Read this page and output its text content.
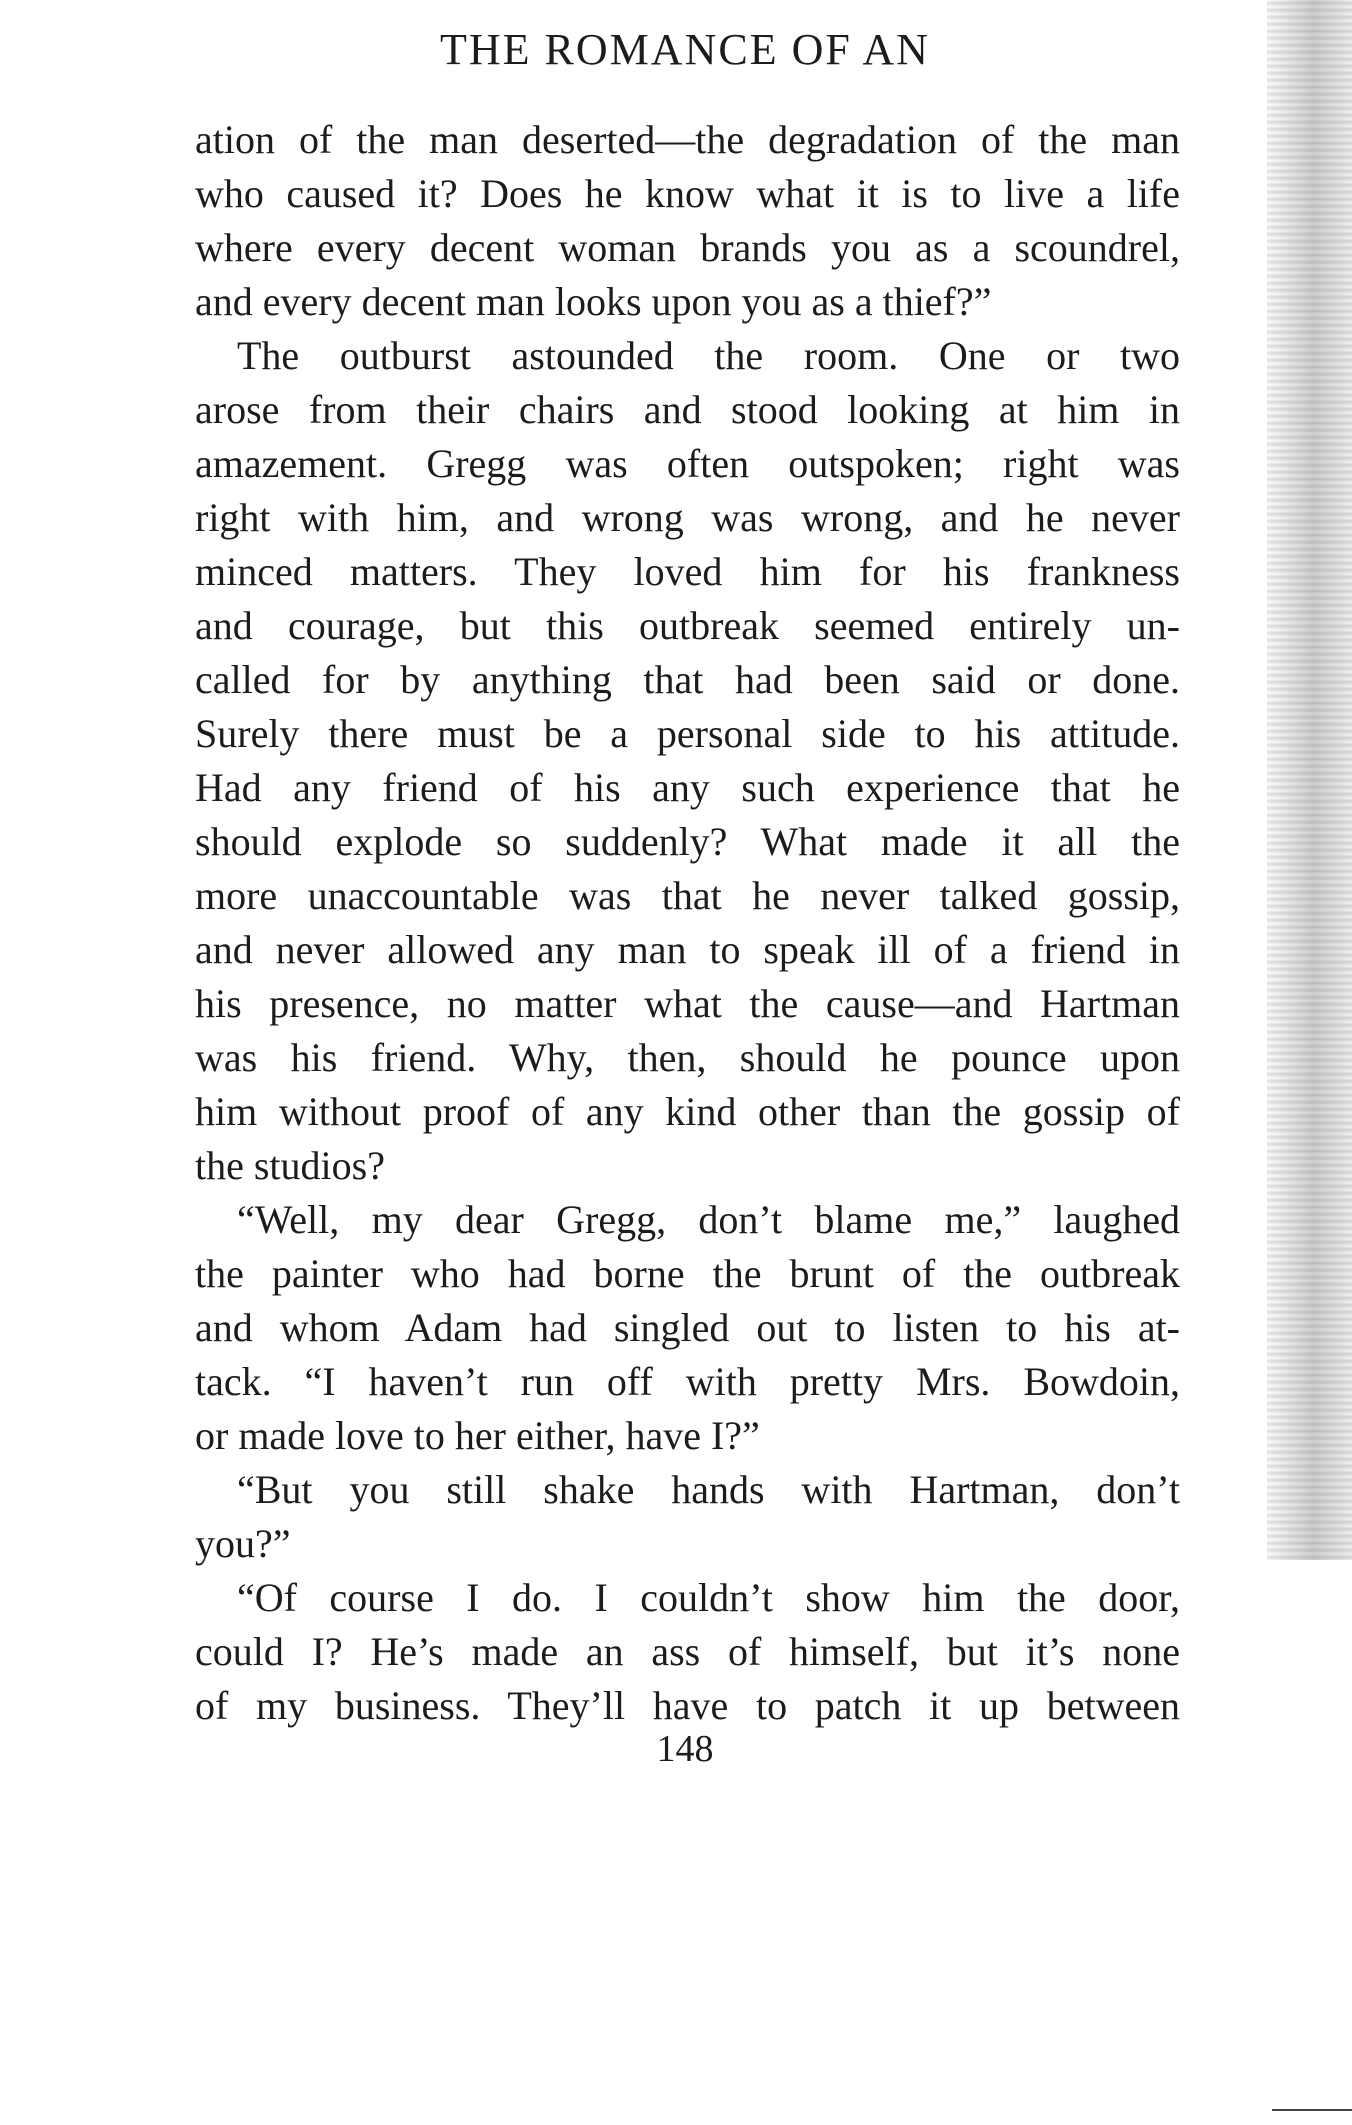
THE ROMANCE OF AN
ation of the man deserted—the degradation of the man
who caused it? Does he know what it is to live a life
where every decent woman brands you as a scoundrel,
and every decent man looks upon you as a thief?”
The outburst astounded the room. One or two
arose from their chairs and stood looking at him in
amazement. Gregg was often outspoken; right was
right with him, and wrong was wrong, and he never
minced matters. They loved him for his frankness
and courage, but this outbreak seemed entirely un-
called for by anything that had been said or done.
Surely there must be a personal side to his attitude.
Had any friend of his any such experience that he
should explode so suddenly? What made it all the
more unaccountable was that he never talked gossip,
and never allowed any man to speak ill of a friend in
his presence, no matter what the cause—and Hartman
was his friend. Why, then, should he pounce upon
him without proof of any kind other than the gossip of
the studios?
“Well, my dear Gregg, don’t blame me,” laughed
the painter who had borne the brunt of the outbreak
and whom Adam had singled out to listen to his at-
tack. “I haven’t run off with pretty Mrs. Bowdoin,
or made love to her either, have I?”
“But you still shake hands with Hartman, don’t
you?”
“Of course I do. I couldn’t show him the door,
could I? He’s made an ass of himself, but it’s none
of my business. They’ll have to patch it up between
148
